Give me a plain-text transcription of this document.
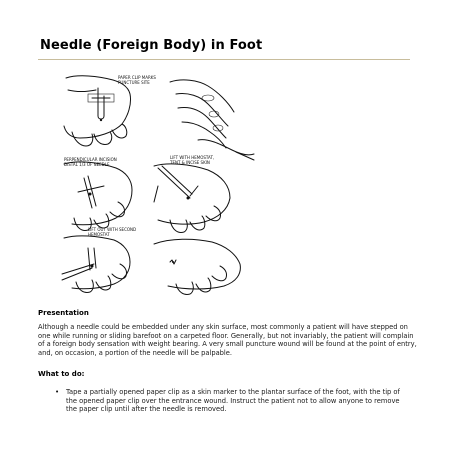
Needle (Foreign Body) in Foot
PAPER CLIP MARKS
PUNCTURE SITE
PERPENDICULAR INCISION
DISTAL 1/3 OF NEEDLE
LIFT WITH HEMOSTAT,
TENT & INCISE SKIN
LIFT OUT WITH SECOND
HEMOSTAT
Presentation

Although a needle could be embedded under any skin surface, most commonly a patient will have stepped on one while running or sliding barefoot on a carpeted floor. Generally, but not invariably, the patient will complain of a foreign body sensation with weight bearing. A very small puncture wound will be found at the point of entry, and, on occasion, a portion of the needle will be palpable.

What to do:
• Tape a partially opened paper clip as a skin marker to the plantar surface of the foot, with the tip of the opened paper clip over the entrance wound. Instruct the patient not to allow anyone to remove the paper clip until after the needle is removed.
